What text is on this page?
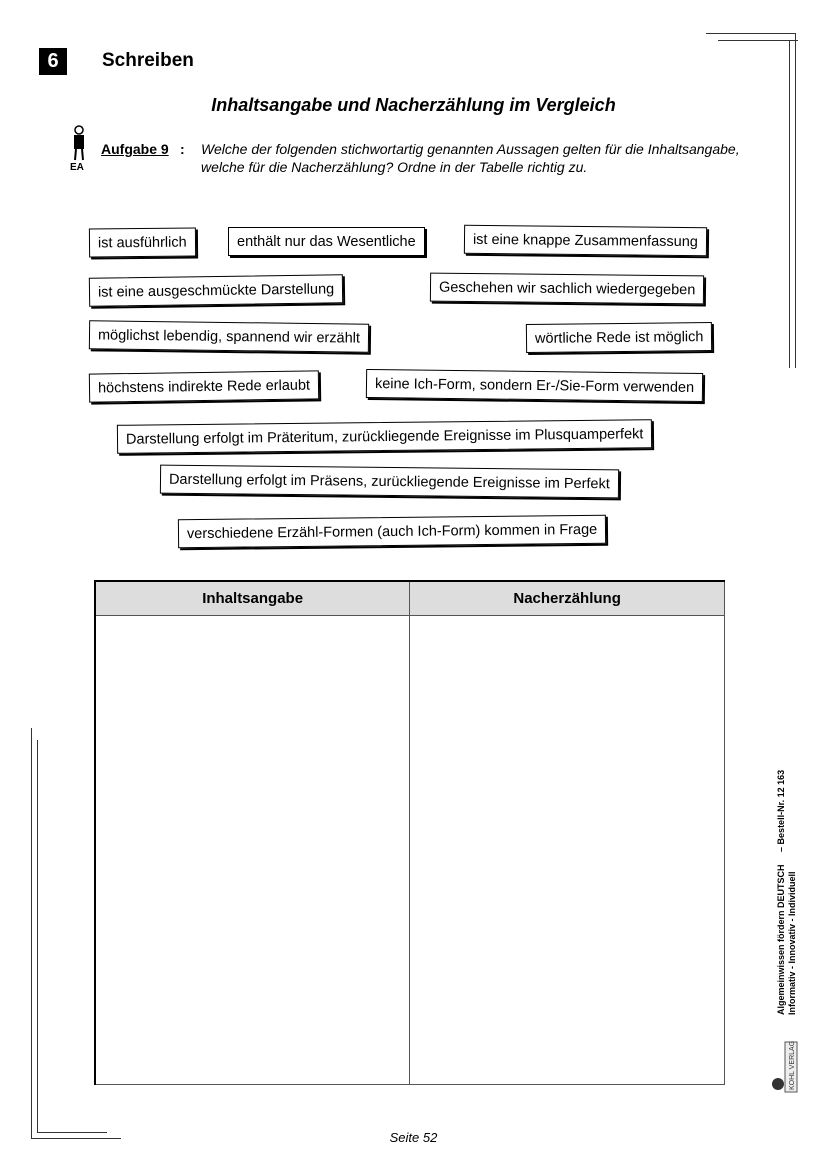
6	Schreiben
Inhaltsangabe und Nacherzählung im Vergleich
EA
Aufgabe 9 : Welche der folgenden stichwortartig genannten Aussagen gelten für die Inhaltsangabe, welche für die Nacherzählung? Ordne in der Tabelle richtig zu.
ist ausführlich	enthält nur das Wesentliche	ist eine knappe Zusammenfassung
ist eine ausgeschmückte Darstellung	Geschehen wir sachlich wiedergegeben
möglichst lebendig, spannend wir erzählt	wörtliche Rede ist möglich
höchstens indirekte Rede erlaubt	keine Ich-Form, sondern Er-/Sie-Form verwenden
Darstellung erfolgt im Präteritum, zurückliegende Ereignisse im Plusquamperfekt
Darstellung erfolgt im Präsens, zurückliegende Ereignisse im Perfekt
verschiedene Erzähl-Formen (auch Ich-Form) kommen in Frage
Inhaltsangabe	Nacherzählung

Algemeinwissen fördern DEUTSCH     – Bestell-Nr. 12 163
Informativ - Innovativ - Individuell
KOHL VERLAG
Seite 52
